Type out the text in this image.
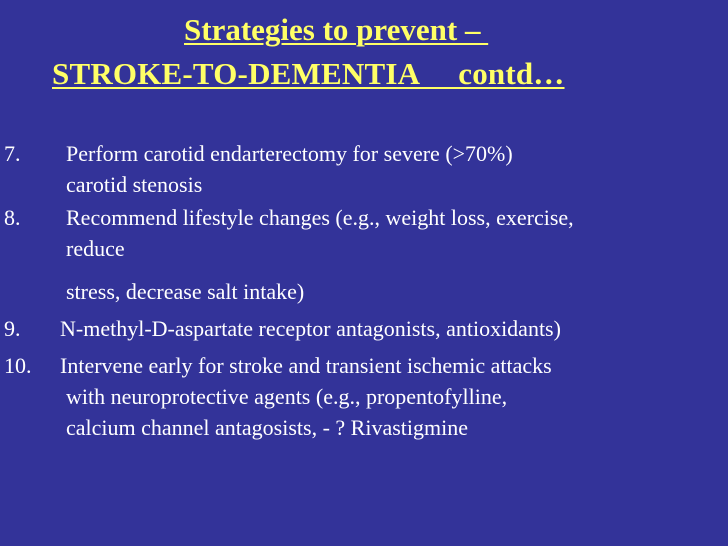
Strategies to prevent –
STROKE-TO-DEMENTIA     contd…
7. Perform carotid endarterectomy for severe (>70%)
carotid stenosis
8. Recommend lifestyle changes (e.g., weight loss, exercise,
reduce
stress, decrease salt intake)
9. N-methyl-D-aspartate receptor antagonists, antioxidants)
10. Intervene early for stroke and transient ischemic attacks
with neuroprotective agents (e.g., propentofylline,
calcium channel antagosists, - ? Rivastigmine
